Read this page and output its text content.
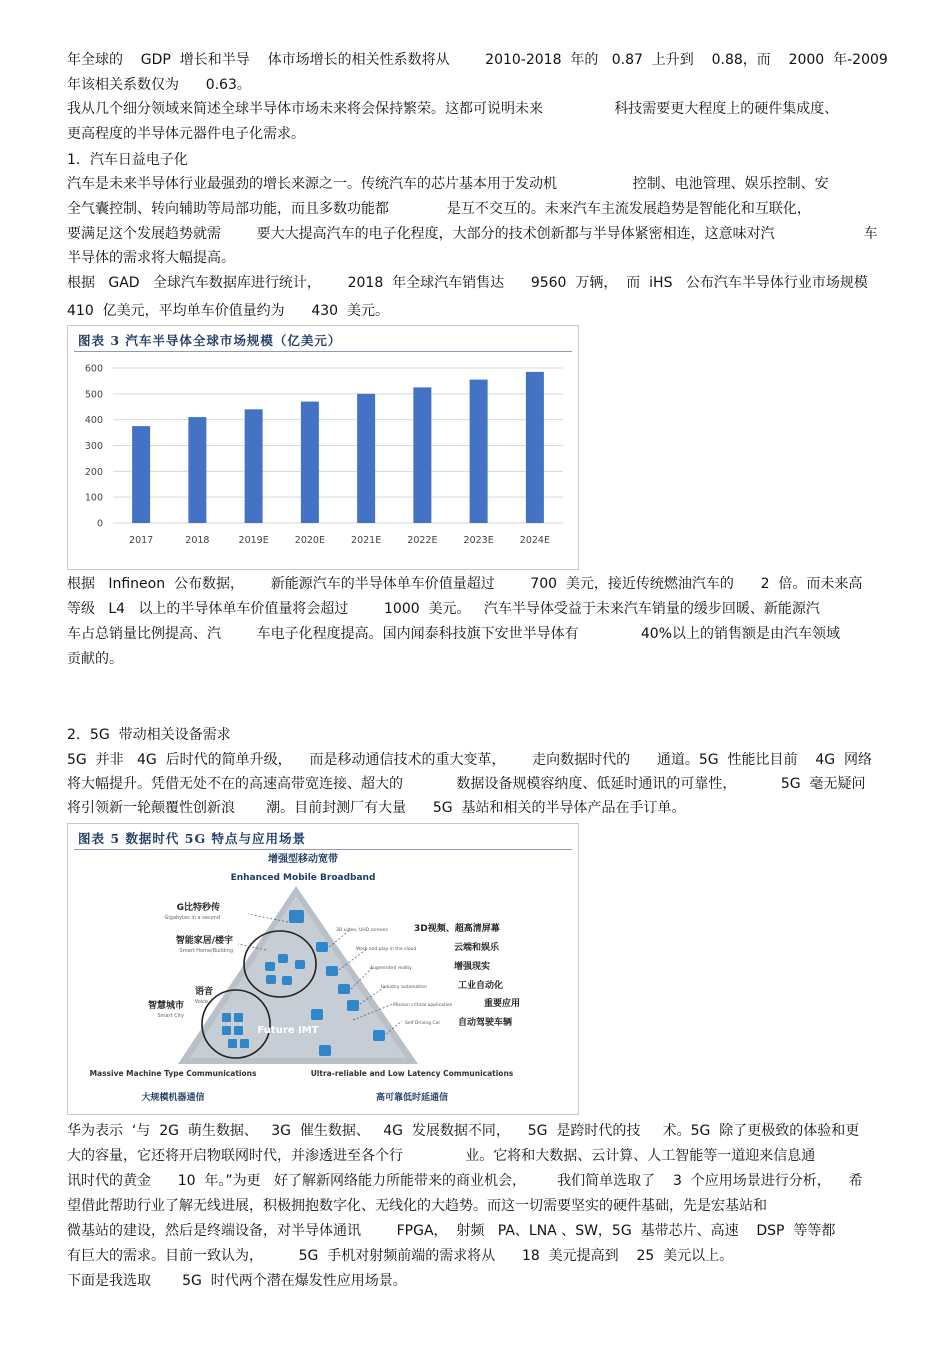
年全球的    GDP  增长和半导    体市场增长的相关性系数将从        2010-2018  年的   0.87  上升到    0.88，而    2000  年-2009
年该相关系数仅为      0.63。
我从几个细分领域来简述全球半导体市场未来将会保持繁荣。这都可说明未来                科技需要更大程度上的硬件集成度、
更高程度的半导体元器件电子化需求。
1．汽车日益电子化
汽车是未来半导体行业最强劲的增长来源之一。传统汽车的芯片基本用于发动机                 控制、电池管理、娱乐控制、安
全气囊控制、转向辅助等局部功能，而且多数功能都             是互不交互的。未来汽车主流发展趋势是智能化和互联化，
要满足这个发展趋势就需        要大大提高汽车的电子化程度，大部分的技术创新都与半导体紧密相连，这意味对汽                    车
半导体的需求将大幅提高。
根据   GAD   全球汽车数据库进行统计，      2018  年全球汽车销售达      9560  万辆，  而  iHS   公布汽车半导体行业市场规模
410  亿美元，平均单车价值量约为      430  美元。
图表 3 汽车半导体全球市场规模（亿美元）
0
100
200
300
400
500
600
2017	2018	2019E	2020E	2021E	2022E	2023E	2024E
根据   Infineon  公布数据，      新能源汽车的半导体单车价值量超过        700  美元，接近传统燃油汽车的      2  倍。而未来高
等级   L4   以上的半导体单车价值量将会超过        1000  美元。   汽车半导体受益于未来汽车销量的缓步回暖、新能源汽
车占总销量比例提高、汽        车电子化程度提高。国内闻泰科技旗下安世半导体有              40%以上的销售额是由汽车领域
贡献的。
2．5G  带动相关设备需求
5G  并非   4G  后时代的简单升级，    而是移动通信技术的重大变革，      走向数据时代的      通道。5G  性能比目前    4G  网络
将大幅提升。凭借无处不在的高速高带宽连接、超大的            数据设备规模容纳度、低延时通讯的可靠性，          5G  毫无疑问
将引领新一轮颠覆性创新浪       潮。目前封测厂有大量      5G  基站和相关的半导体产品在手订单。
图表 5 数据时代 5G 特点与应用场景
增强型移动宽带
Enhanced Mobile Broadband
Future IMT
G比特秒传
Gigabytes in a second
智能家居/楼宇
Smart Home/Building
语音
Voice
智慧城市
Smart City
3D video, UHD screens	3D视频、超高清屏幕
Work and play in the cloud	云端和娱乐
Augmented reality	增强现实
Industry automation	工业自动化
Mission critical application	重要应用
Self Driving Car 自动驾驶车辆
Massive Machine Type Communications
大规模机器通信
Ultra-reliable and Low Latency Communications
高可靠低时延通信
华为表示  ‘与  2G  萌生数据、   3G  催生数据、   4G  发展数据不同，    5G  是跨时代的技     术。5G  除了更极致的体验和更
大的容量，它还将开启物联网时代，并渗透进至各个行              业。它将和大数据、云计算、人工智能等一道迎来信息通
讯时代的黄金      10  年。”为更   好了解新网络能力所能带来的商业机会，       我们简单选取了    3  个应用场景进行分析，    希
望借此帮助行业了解无线进展，积极拥抱数字化、无线化的大趋势。而这一切需要坚实的硬件基础，先是宏基站和
微基站的建设，然后是终端设备，对半导体通讯        FPGA，  射频   PA、LNA 、SW，5G  基带芯片、高速    DSP  等等都
有巨大的需求。目前一致认为，        5G  手机对射频前端的需求将从      18  美元提高到    25  美元以上。
下面是我选取       5G  时代两个潜在爆发性应用场景。
